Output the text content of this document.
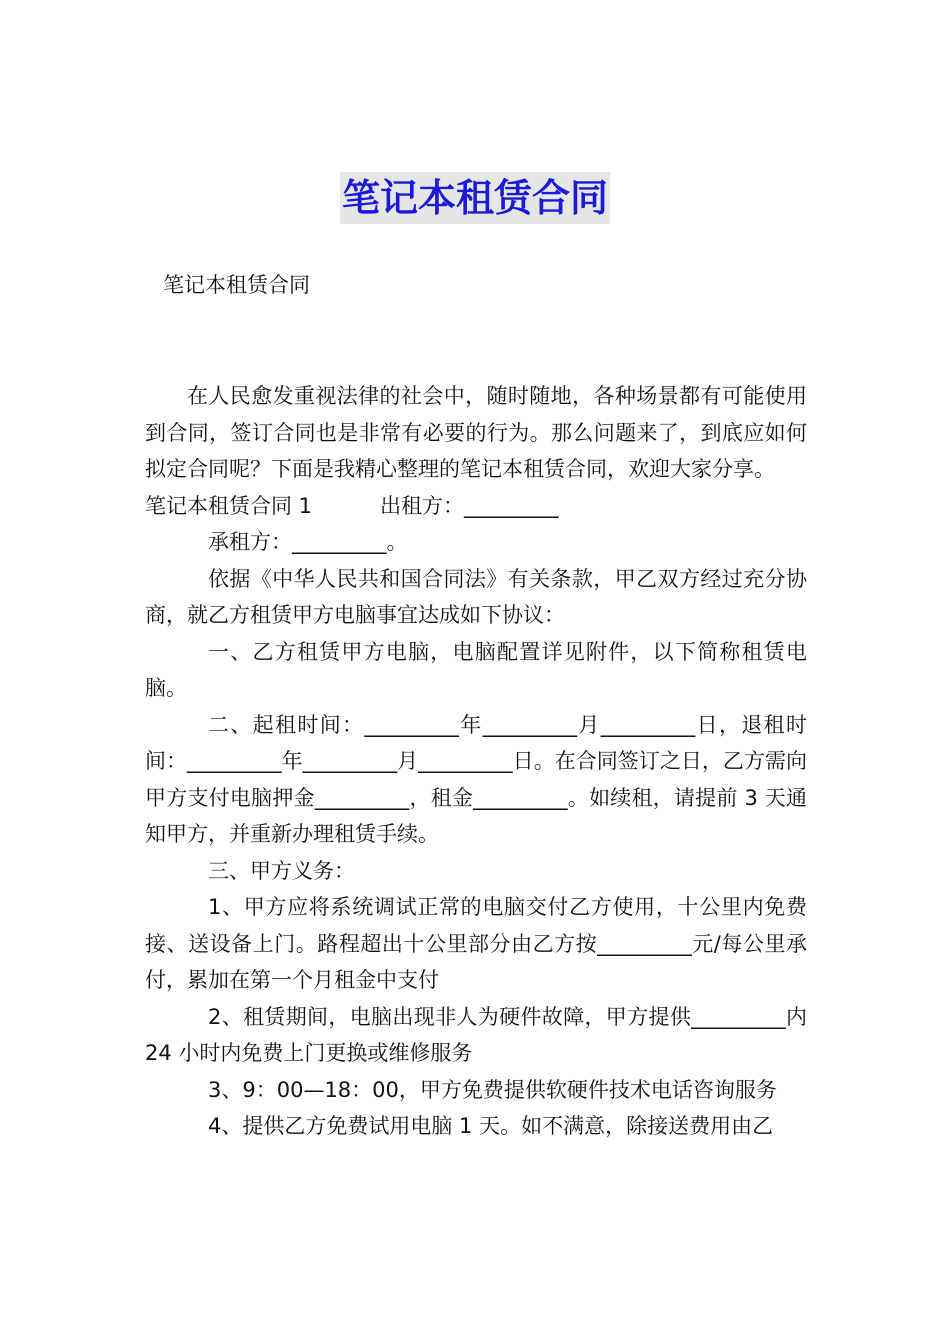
笔记本租赁合同
笔记本租赁合同

在人民愈发重视法律的社会中，随时随地，各种场景都有可能使用到合同，签订合同也是非常有必要的行为。那么问题来了，到底应如何拟定合同呢？下面是我精心整理的笔记本租赁合同，欢迎大家分享。

笔记本租赁合同 1	出租方：_________

承租方：_________。

依据《中华人民共和国合同法》有关条款，甲乙双方经过充分协商，就乙方租赁甲方电脑事宜达成如下协议：

一、乙方租赁甲方电脑，电脑配置详见附件，以下简称租赁电脑。

二、起租时间：_________年_________月_________日，退租时间：_________年_________月_________日。在合同签订之日，乙方需向甲方支付电脑押金_________，租金_________。如续租，请提前 3 天通知甲方，并重新办理租赁手续。

三、甲方义务：

1、甲方应将系统调试正常的电脑交付乙方使用，十公里内免费接、送设备上门。路程超出十公里部分由乙方按_________元/每公里承付，累加在第一个月租金中支付

2、租赁期间，电脑出现非人为硬件故障，甲方提供_________内 24 小时内免费上门更换或维修服务

3、9：00—18：00，甲方免费提供软硬件技术电话咨询服务

4、提供乙方免费试用电脑 1 天。如不满意，除接送费用由乙
